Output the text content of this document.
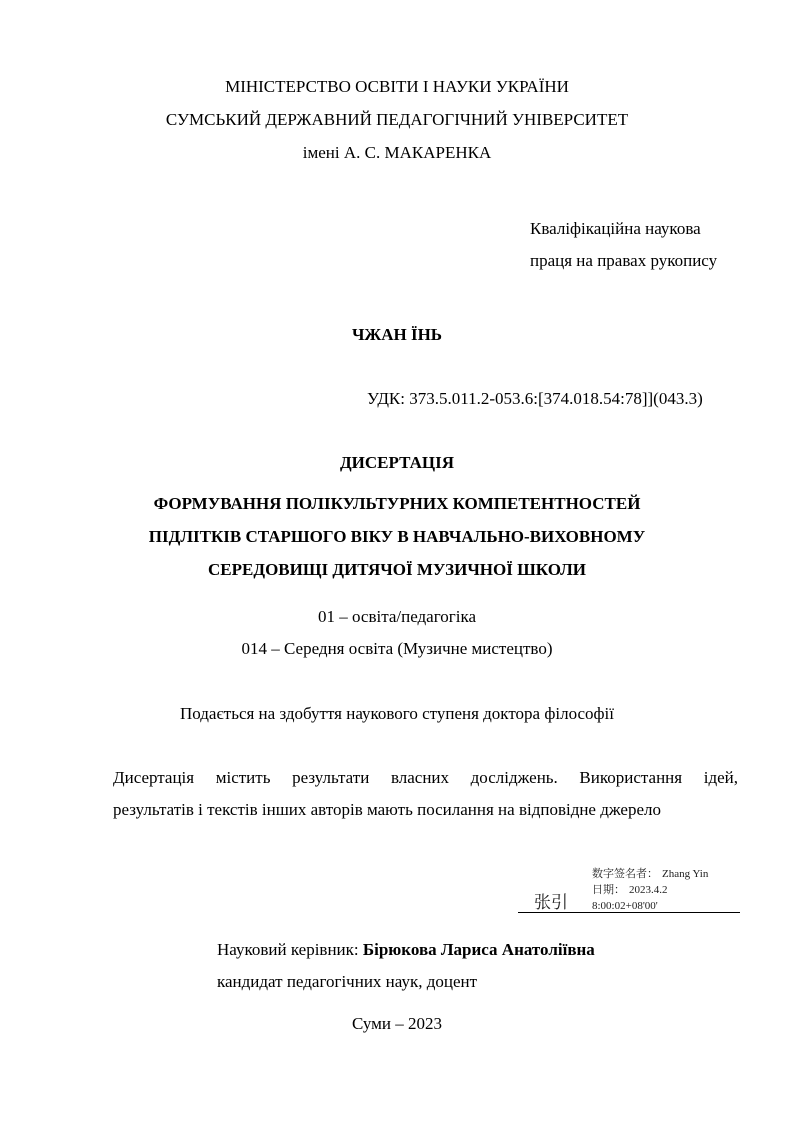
МІНІСТЕРСТВО ОСВІТИ І НАУКИ УКРАЇНИ
СУМСЬКИЙ ДЕРЖАВНИЙ ПЕДАГОГІЧНИЙ УНІВЕРСИТЕТ
імені А. С. МАКАРЕНКА
Кваліфікаційна наукова
праця на правах рукопису
ЧЖАН ЇНЬ
УДК: 373.5.011.2-053.6:[374.018.54:78]](043.3)
ДИСЕРТАЦІЯ
ФОРМУВАННЯ ПОЛІКУЛЬТУРНИХ КОМПЕТЕНТНОСТЕЙ
ПІДЛІТКІВ СТАРШОГО ВІКУ В НАВЧАЛЬНО-ВИХОВНОМУ
СЕРЕДОВИЩІ ДИТЯЧОЇ МУЗИЧНОЇ ШКОЛИ
01 – освіта/педагогіка
014 – Середня освіта (Музичне мистецтво)
Подається на здобуття наукового ступеня доктора філософії
Дисертація містить результати власних досліджень. Використання ідей,
результатів і текстів інших авторів мають посилання на відповідне джерело
数字签名者： Zhang Yin
日期： 2023.4.2
8:00:02+08'00'
张引
Науковий керівник: Бірюкова Лариса Анатоліївна
кандидат педагогічних наук, доцент
Суми – 2023
